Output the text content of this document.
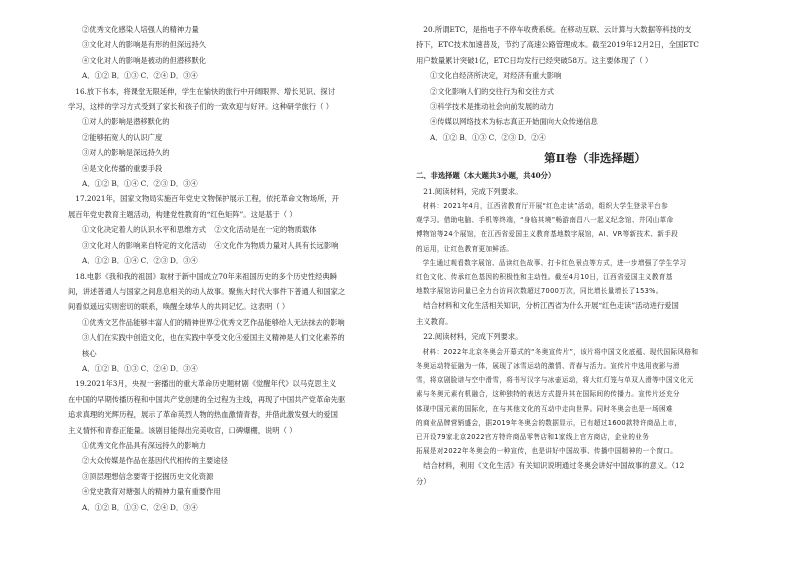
②优秀文化感染人培强人的精神力量
③文化对人的影响是有形的但深远持久
④文化对人的影响是被动的但潜移默化
A．①② B．①③ C．②④ D．③④
16.放下书本，将课堂无限延伸，学生在愉快的旅行中开阔眼界、增长见识、探讨
学习，这样的学习方式受到了家长和孩子们的一致欢迎与好评。这种研学旅行（ ）
①对人的影响是潜移默化的
②能够拓宽人的认识广度
③对人的影响是深远持久的
④是文化传播的重要手段
A．①② B．①④ C．②③ D．③④
17.2021年，国家文物局实施百年党史文物保护展示工程，依托革命文物场所，开
展百年党史教育主题活动，构建党性教育的“红色矩阵”。这是基于（ ）
①文化决定着人的认识水平和思维方式 ②文化活动是在一定的物质载体
③文化对人的影响来自特定的文化活动 ④文化作为物质力量对人具有长远影响
A．①② B．①④ C．②③ D．③④
18.电影《我和我的祖国》取材于新中国成立70年来祖国历史的多个历史性经典瞬
间，讲述普通人与国家之间息息相关的动人故事。聚焦大时代大事件下普通人和国家之
间看似遥远实则密切的联系，唤醒全球华人的共同记忆。这表明（ ）
①优秀文艺作品能够丰富人们的精神世界②优秀文艺作品能够给人无法抹去的影响
③人们在实践中创造文化，也在实践中享受文化④爱国主义精神是人们文化素养的
核心
A．①② B．①③ C．②④ D．③④
19.2021年3月，央视一套播出的重大革命历史题材剧《觉醒年代》以马克思主义
在中国的早期传播历程和中国共产党创建的全过程为主线，再现了中国共产党革命先驱
追求真理的光辉历程，展示了革命英烈人物的热血激情青春，并借此激发强大的爱国
主义情怀和青春正能量。该剧目能得出完美收官，口碑爆棚，说明（ ）
①优秀文化作品具有深远持久的影响力
②大众传媒是作品在基因代代相传的主要途径
③顶层理想信念要寄于挖掘历史文化资源
④党史教育对塘强人的精神力量有重要作用
A．①② B．①③ C．②④ D．③④
20.所谓ETC，是指电子不停车收费系统。在移动互联、云计算与大数据等科技的支
持下，ETC技术加速普及，节约了高速公路管理成本。截至2019年12月2日，全国ETC
用户数量累计突破1亿，ETC日均发行已经突破58万。这主要体现了（ ）
①文化自经济所决定，对经济有重大影响
②文化影响人们的交往行为和交往方式
③科学技术是推动社会向前发展的动力
④传媒以网络技术为标志真正开始面向大众传递信息
A．①② B．①③ C．②③ D．②④
第Ⅱ卷（非选择题）
二、非选择题（本大题共3小题，共40分）
21.阅读材料，完成下列要求。
材料：2021年4月，江西省教育厅开展“红色走读”活动，组织大学生登录平台参
观学习。借助电脑、手机等终端，“身临其境”畅游南昌八一起义纪念馆、井冈山革命
博物馆等24个展馆，在江西省爱国主义教育基地数字展馆，AI、VR等新技术、新手段
的运用，让红色教育更加鲜活。
学生通过观看数字展馆、品读红色故事、打卡红色景点等方式，进一步增强了学生学习
红色文化、传承红色基因的积极性和主动性。截至4月10日，江西省爱国主义教育基
地数字展馆访问量已全力台访问次数超过7000万次，同比增长量增长了153%。
结合材料和文化生活相关知识，分析江西省为什么开展“红色走读”活动进行爱国
主义教育。
22.阅读材料，完成下列要求。
材料：2022年北京冬奥会开幕式的“冬奥宣传片”，该片将中国文化底蕴、现代国际风格和
冬奥运动特征融为一体，展现了冰雪运动的激情、青春与活力。宣传片中选用夜影与滑
雪，将京剧脸谱与空中滑雪，将书写汉字与冰壶运动，将大红灯笼与单双人滑等中国文化元
素与冬奥元素有机融合，这种独特的表达方式提升其在国际间的传播力。宣传片还充分
体现中国元素的国际化，在与其他文化的互动中走向世界。同时冬奥会也是一场困难
的商业品牌营销盛会，据2019年冬奥会的数据显示，已有超过1600款特许商品上市，
已开设79家北京2022官方特许商品零售店和1家线上官方商店，企业的业务
拓展是对2022年冬奥会的一种宣传，也是讲好中国故事、传播中国精神的一个窗口。
结合材料，利用《文化生活》有关知识说明通过冬奥会讲好中国故事的意义。（12
分）
